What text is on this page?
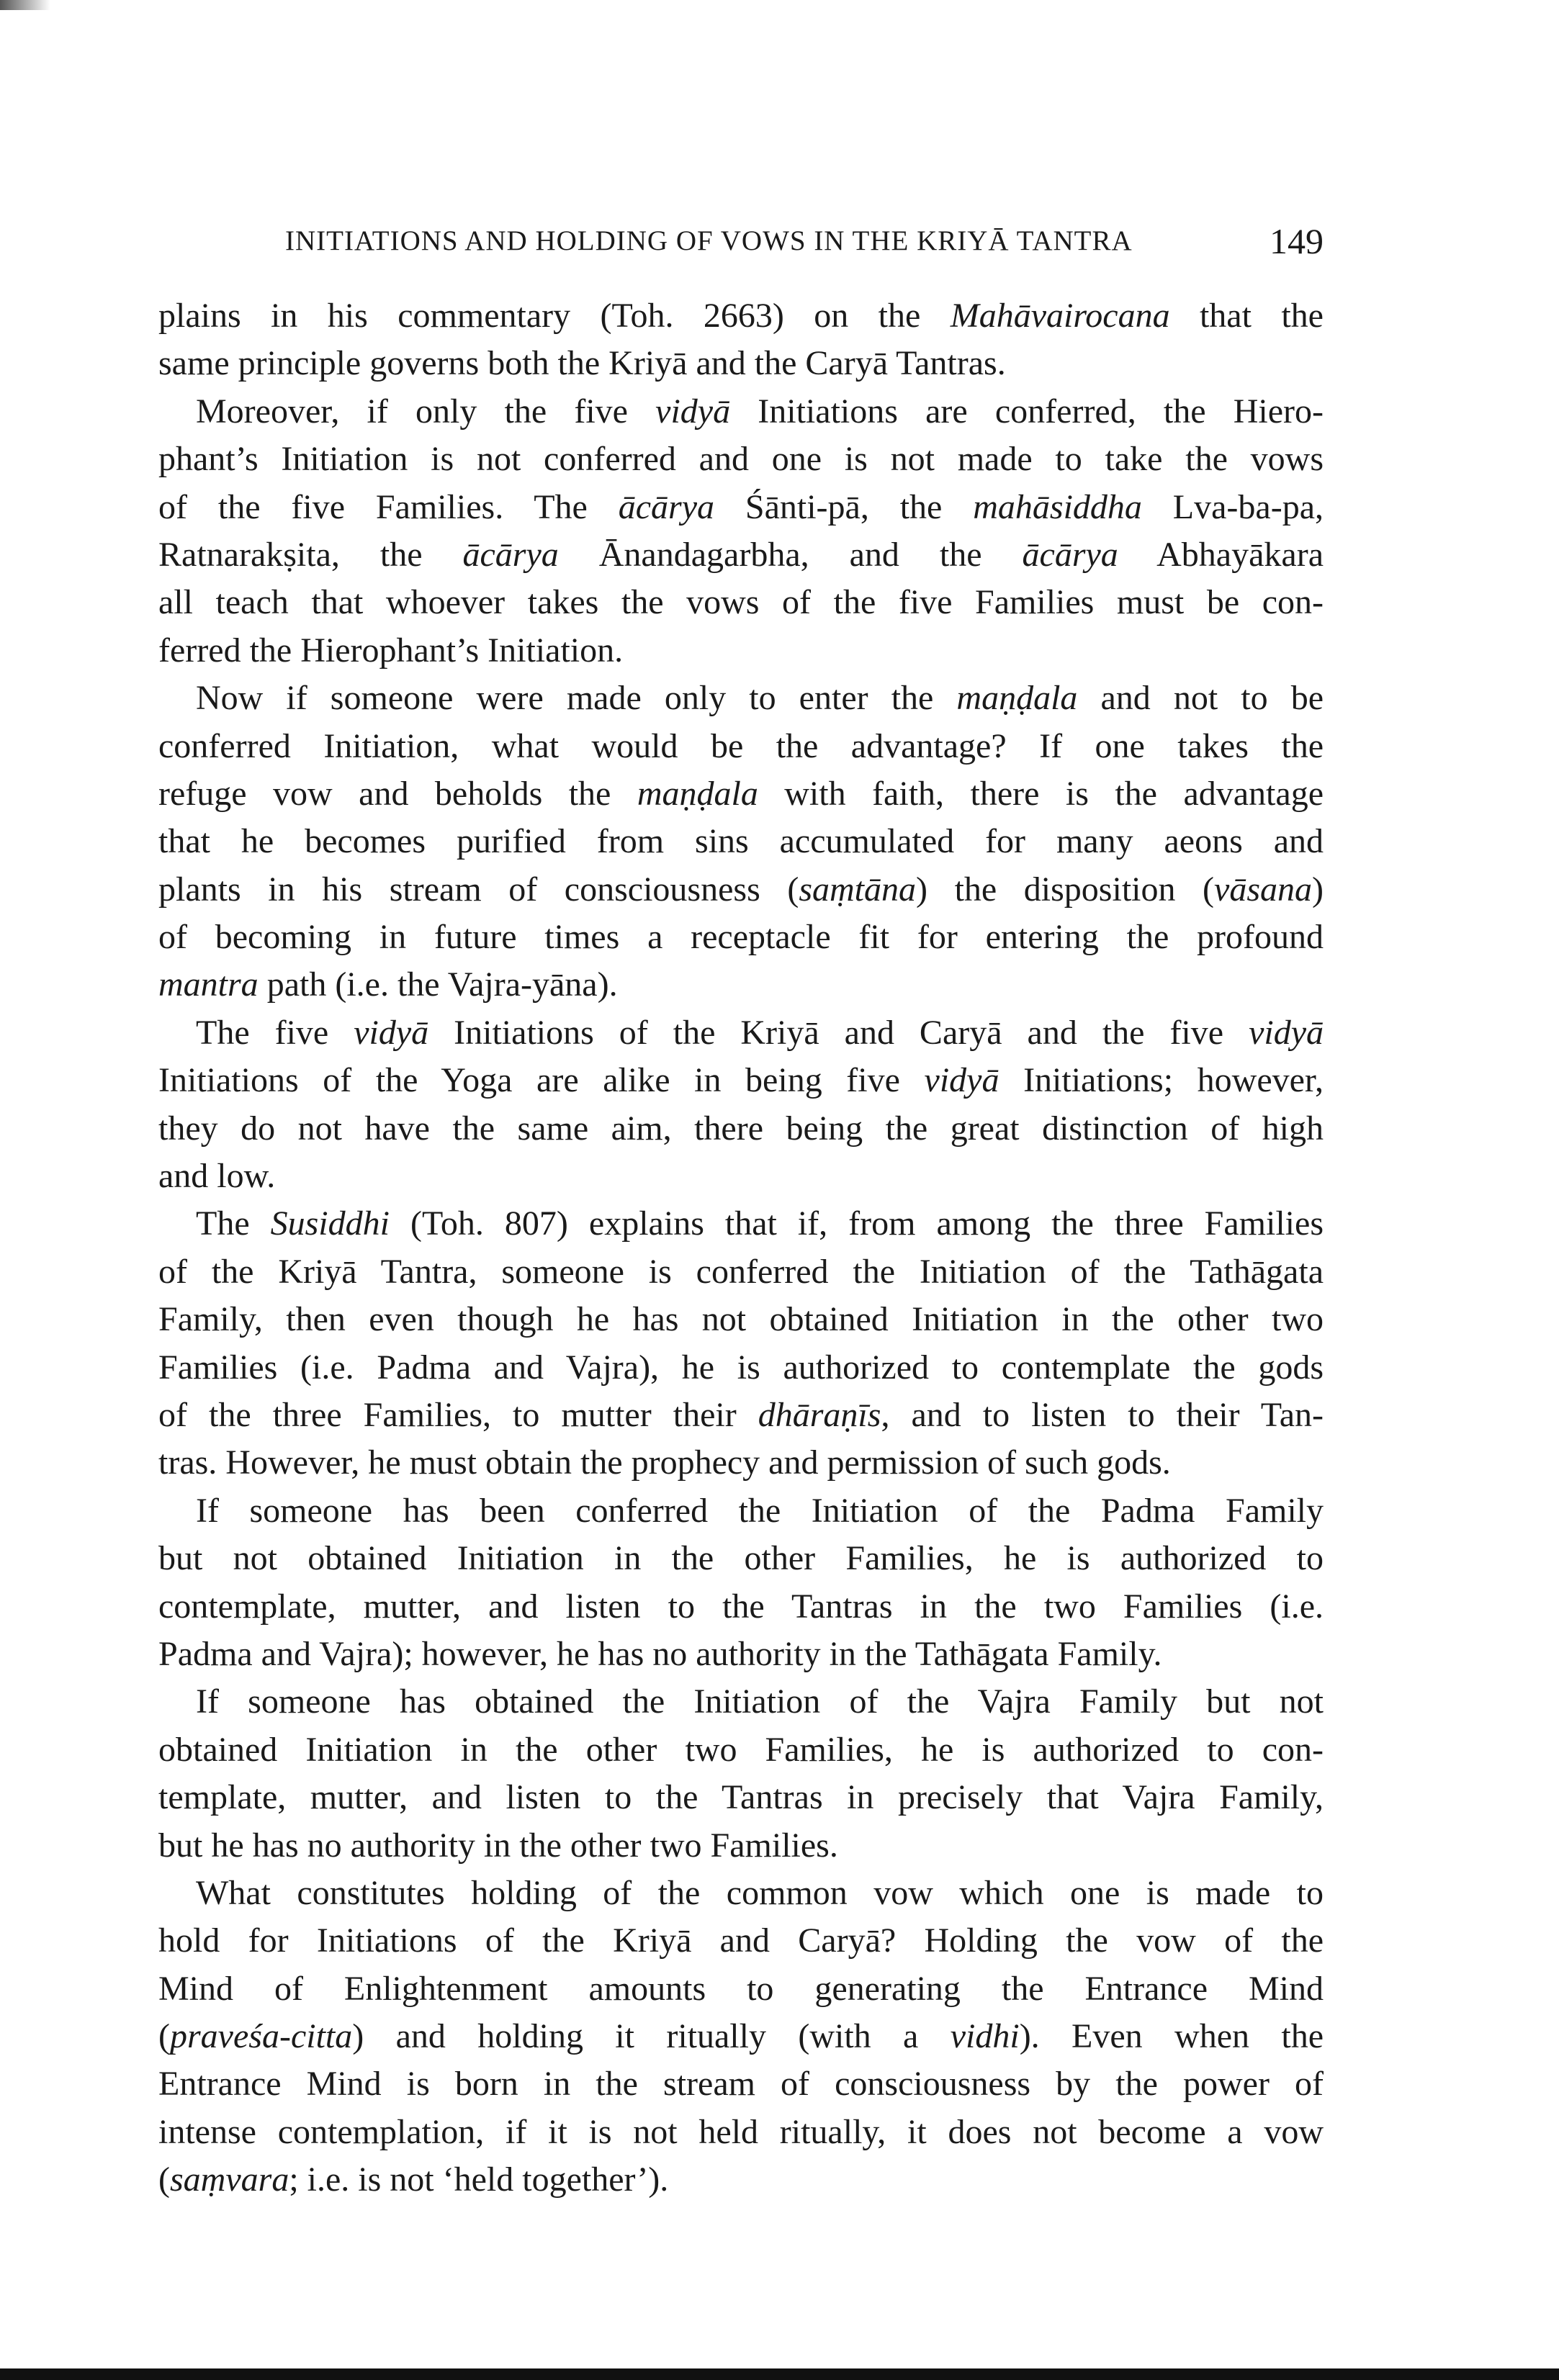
INITIATIONS AND HOLDING OF VOWS IN THE KRIYĀ TANTRA	149
plains in his commentary (Toh. 2663) on the Mahāvairocana that the
same principle governs both the Kriyā and the Caryā Tantras.
Moreover, if only the five vidyā Initiations are conferred, the Hiero-
phant’s Initiation is not conferred and one is not made to take the vows
of the five Families. The ācārya Śānti-pā, the mahāsiddha Lva-ba-pa,
Ratnarakṣita, the ācārya Ānandagarbha, and the ācārya Abhayākara
all teach that whoever takes the vows of the five Families must be con-
ferred the Hierophant’s Initiation.
Now if someone were made only to enter the maṇḍala and not to be
conferred Initiation, what would be the advantage? If one takes the
refuge vow and beholds the maṇḍala with faith, there is the advantage
that he becomes purified from sins accumulated for many aeons and
plants in his stream of consciousness (saṃtāna) the disposition (vāsana)
of becoming in future times a receptacle fit for entering the profound
mantra path (i.e. the Vajra-yāna).
The five vidyā Initiations of the Kriyā and Caryā and the five vidyā
Initiations of the Yoga are alike in being five vidyā Initiations; however,
they do not have the same aim, there being the great distinction of high
and low.
The Susiddhi (Toh. 807) explains that if, from among the three Families
of the Kriyā Tantra, someone is conferred the Initiation of the Tathāgata
Family, then even though he has not obtained Initiation in the other two
Families (i.e. Padma and Vajra), he is authorized to contemplate the gods
of the three Families, to mutter their dhāraṇīs, and to listen to their Tan-
tras. However, he must obtain the prophecy and permission of such gods.
If someone has been conferred the Initiation of the Padma Family
but not obtained Initiation in the other Families, he is authorized to
contemplate, mutter, and listen to the Tantras in the two Families (i.e.
Padma and Vajra); however, he has no authority in the Tathāgata Family.
If someone has obtained the Initiation of the Vajra Family but not
obtained Initiation in the other two Families, he is authorized to con-
template, mutter, and listen to the Tantras in precisely that Vajra Family,
but he has no authority in the other two Families.
What constitutes holding of the common vow which one is made to
hold for Initiations of the Kriyā and Caryā? Holding the vow of the
Mind of Enlightenment amounts to generating the Entrance Mind
(praveśa-citta) and holding it ritually (with a vidhi). Even when the
Entrance Mind is born in the stream of consciousness by the power of
intense contemplation, if it is not held ritually, it does not become a vow
(saṃvara; i.e. is not ‘held together’).
